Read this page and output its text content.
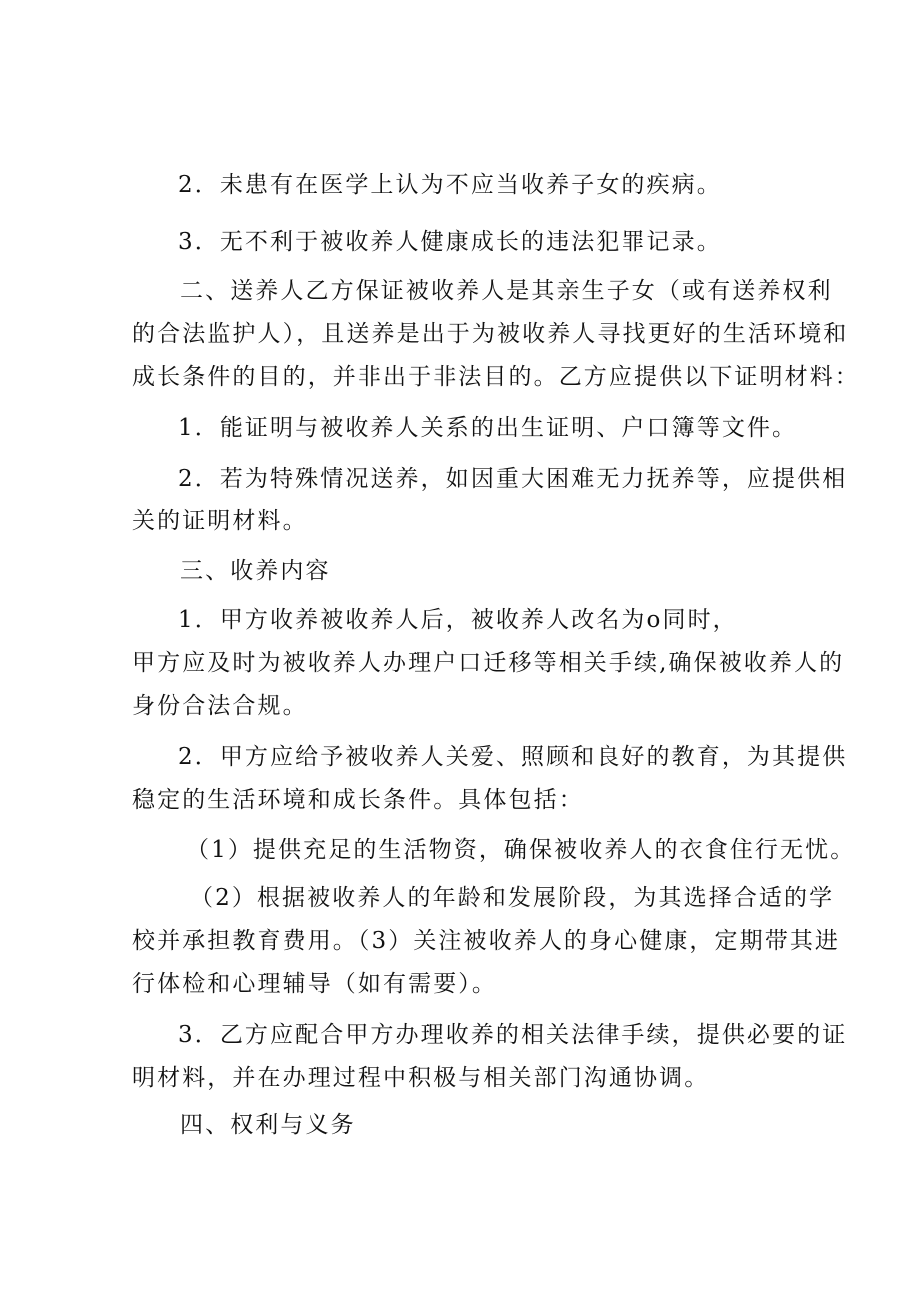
2．未患有在医学上认为不应当收养子女的疾病。
3．无不利于被收养人健康成长的违法犯罪记录。
二、送养人乙方保证被收养人是其亲生子女（或有送养权利
的合法监护人），且送养是出于为被收养人寻找更好的生活环境和
成长条件的目的，并非出于非法目的。乙方应提供以下证明材料：
1．能证明与被收养人关系的出生证明、户口簿等文件。
2．若为特殊情况送养，如因重大困难无力抚养等，应提供相
关的证明材料。
三、收养内容
1．甲方收养被收养人后，被收养人改名为o同时，
甲方应及时为被收养人办理户口迁移等相关手续,确保被收养人的
身份合法合规。
2．甲方应给予被收养人关爱、照顾和良好的教育，为其提供
稳定的生活环境和成长条件。具体包括：
（1）提供充足的生活物资，确保被收养人的衣食住行无忧。
（2）根据被收养人的年龄和发展阶段，为其选择合适的学
校并承担教育费用。（3）关注被收养人的身心健康，定期带其进
行体检和心理辅导（如有需要）。
3．乙方应配合甲方办理收养的相关法律手续，提供必要的证
明材料，并在办理过程中积极与相关部门沟通协调。
四、权利与义务
